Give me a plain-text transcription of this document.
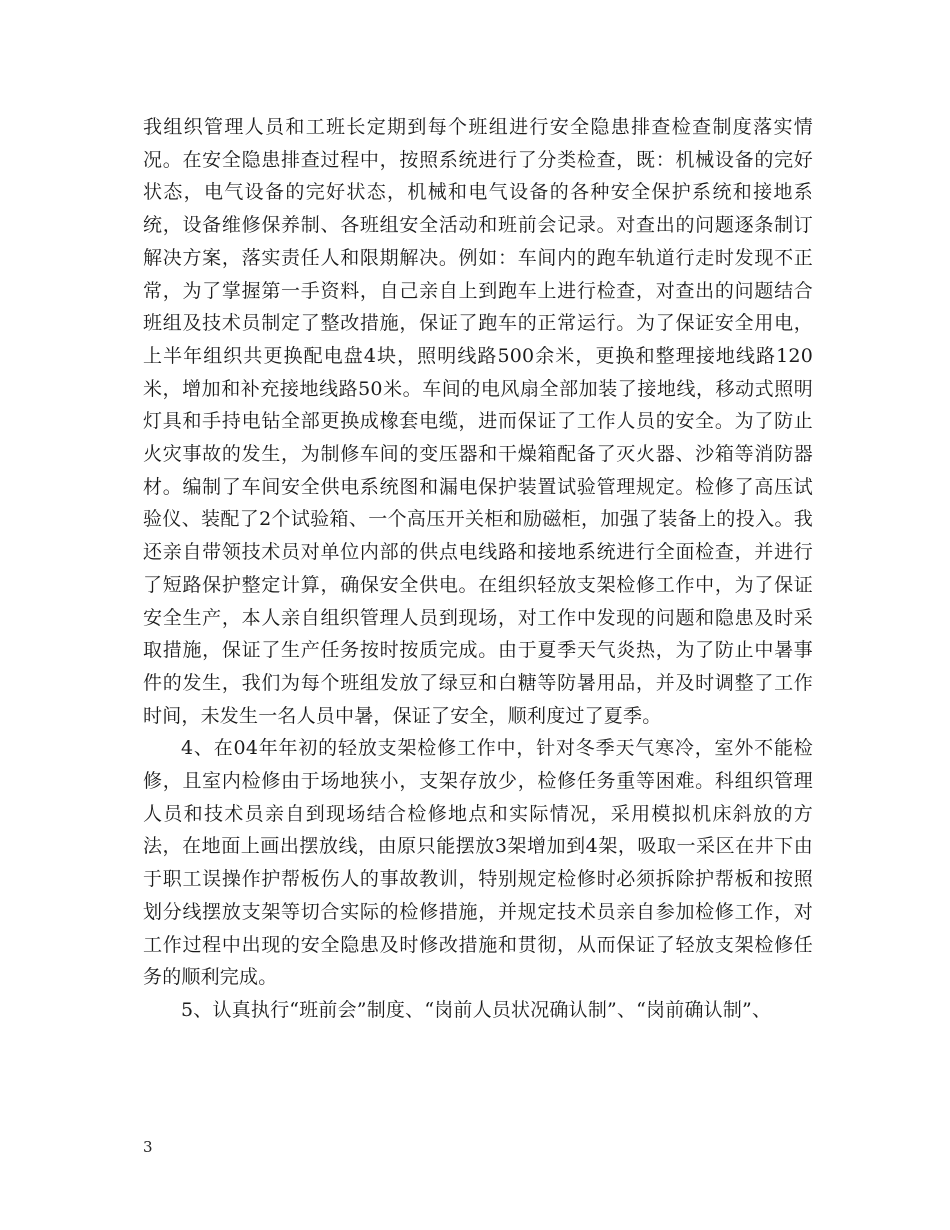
我组织管理人员和工班长定期到每个班组进行安全隐患排查检查制度落实情况。在安全隐患排查过程中，按照系统进行了分类检查，既：机械设备的完好状态，电气设备的完好状态，机械和电气设备的各种安全保护系统和接地系统，设备维修保养制、各班组安全活动和班前会记录。对查出的问题逐条制订解决方案，落实责任人和限期解决。例如：车间内的跑车轨道行走时发现不正常，为了掌握第一手资料，自己亲自上到跑车上进行检查，对查出的问题结合班组及技术员制定了整改措施，保证了跑车的正常运行。为了保证安全用电，上半年组织共更换配电盘4块，照明线路500余米，更换和整理接地线路120米，增加和补充接地线路50米。车间的电风扇全部加装了接地线，移动式照明灯具和手持电钻全部更换成橡套电缆，进而保证了工作人员的安全。为了防止火灾事故的发生，为制修车间的变压器和干燥箱配备了灭火器、沙箱等消防器材。编制了车间安全供电系统图和漏电保护装置试验管理规定。检修了高压试验仪、装配了2个试验箱、一个高压开关柜和励磁柜，加强了装备上的投入。我还亲自带领技术员对单位内部的供点电线路和接地系统进行全面检查，并进行了短路保护整定计算，确保安全供电。在组织轻放支架检修工作中，为了保证安全生产，本人亲自组织管理人员到现场，对工作中发现的问题和隐患及时采取措施，保证了生产任务按时按质完成。由于夏季天气炎热，为了防止中暑事件的发生，我们为每个班组发放了绿豆和白糖等防暑用品，并及时调整了工作时间，未发生一名人员中暑，保证了安全，顺利度过了夏季。

4、在04年年初的轻放支架检修工作中，针对冬季天气寒冷，室外不能检修，且室内检修由于场地狭小，支架存放少，检修任务重等困难。科组织管理人员和技术员亲自到现场结合检修地点和实际情况，采用模拟机床斜放的方法，在地面上画出摆放线，由原只能摆放3架增加到4架，吸取一采区在井下由于职工误操作护帮板伤人的事故教训，特别规定检修时必须拆除护帮板和按照划分线摆放支架等切合实际的检修措施，并规定技术员亲自参加检修工作，对工作过程中出现的安全隐患及时修改措施和贯彻，从而保证了轻放支架检修任务的顺利完成。

5、认真执行“班前会”制度、“岗前人员状况确认制”、“岗前确认制”、

3
